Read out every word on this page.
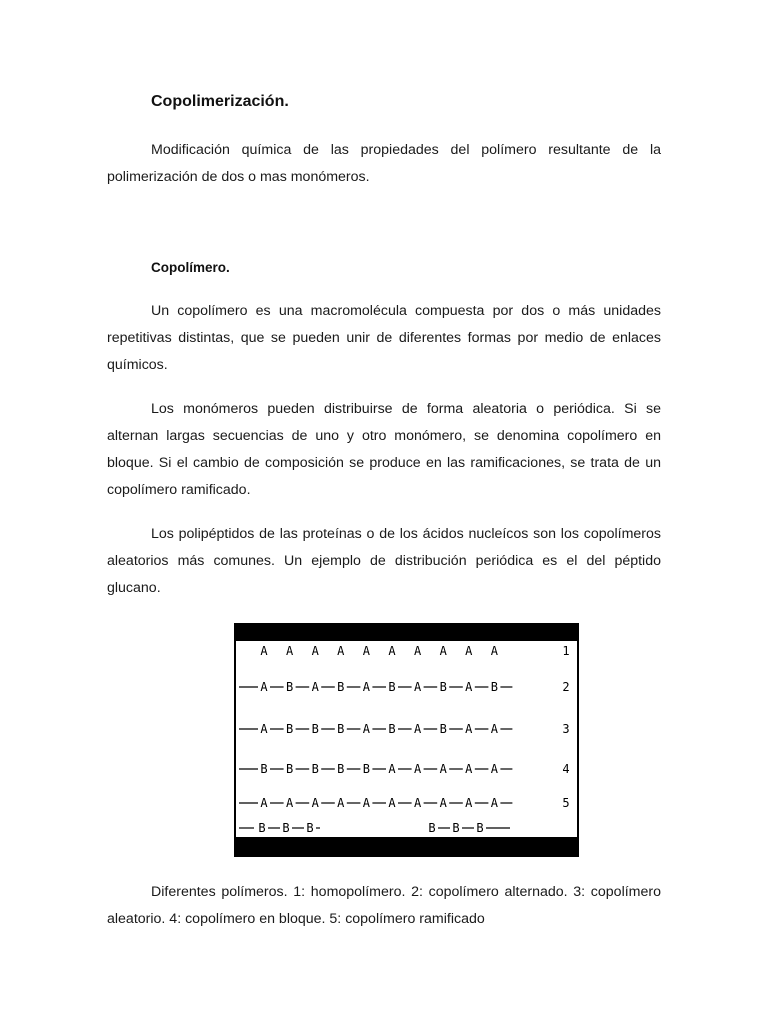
Copolimerización.

Modificación química de las propiedades del polímero resultante de la polimerización de dos o mas monómeros.

Copolímero.

Un copolímero es una macromolécula compuesta por dos o más unidades repetitivas distintas, que se pueden unir de diferentes formas por medio de enlaces químicos.

Los monómeros pueden distribuirse de forma aleatoria o periódica. Si se alternan largas secuencias de uno y otro monómero, se denomina copolímero en bloque. Si el cambio de composición se produce en las ramificaciones, se trata de un copolímero ramificado.

Los polipéptidos de las proteínas o de los ácidos nucleícos son los copolímeros aleatorios más comunes. Un ejemplo de distribución periódica es el del péptido glucano.

A A A A A A A A A A	1
A B A B A B A B A B	2
A B B B A B A B A A	3
B B B B B A A A A A	4
A A A A A A A A A A	5
B B B	B B B

Diferentes polímeros. 1: homopolímero. 2: copolímero alternado. 3: copolímero aleatorio. 4: copolímero en bloque. 5: copolímero ramificado
